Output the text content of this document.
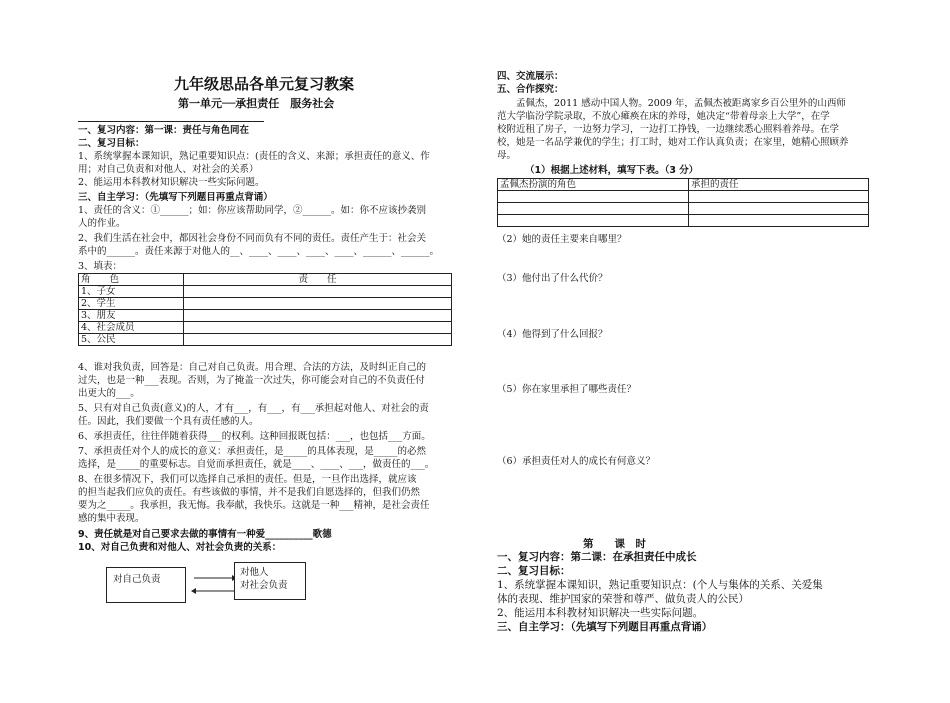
九年级思品各单元复习教案
第一单元──承担责任　服务社会
一、复习内容：第一课：责任与角色同在
二、复习目标：
1、系统掌握本课知识，熟记重要知识点：(责任的含义、来源；承担责任的意义、作
用；对自己负责和对他人、对社会的关系）
2、能运用本科教材知识解决一些实际问题。
三、自主学习：（先填写下列题目再重点背诵）
1、责任的含义：①______；如：你应该帮助同学，②______。如：你不应该抄袭别
人的作业。
2、我们生活在社会中，都因社会身份不同而负有不同的责任。责任产生于：社会关
系中的______。责任来源于对他人的__、____、____、____、____、______、______。
3、填表：
角　　色	责　　任
1、子女	
2、学生	
3、朋友	
4、社会成员	
5、公民	
4、谁对我负责，回答是：自己对自己负责。用合理、合法的方法，及时纠正自己的
过失，也是一种___表现。否则，为了掩盖一次过失，你可能会对自己的不负责任付
出更大的___。
5、只有对自己负责(意义)的人，才有___，有___，有___承担起对他人、对社会的责
任。因此，我们要做一个具有责任感的人。
6、承担责任，往往伴随着获得___的权利。这种回报既包括：___，也包括___方面。
7、承担责任对个人的成长的意义：承担责任，是_____的具体表现，是_____的必然
选择，是_____的重要标志。自觉而承担责任，就是____、____、___，做责任的___。
8、在很多情况下，我们可以选择自己承担的责任。但是，一旦作出选择，就应该
的担当起我们应负的责任。有些该做的事情，并不是我们自愿选择的，但我们仍然
要为之_____。我承担，我无悔。我奉献，我快乐。这就是一种___精神，是社会责任
感的集中表现。
9、责任就是对自己要求去做的事情有一种爱__________歌德
10、对自己负责和对他人、对社会负责的关系：
对自己负责
对他人
对社会负责
四、交流展示：
五、合作探究：
　　孟佩杰，2011 感动中国人物。2009 年，孟佩杰被距离家乡百公里外的山西师
范大学临汾学院录取，不放心瘫痪在床的养母，她决定“带着母亲上大学”，在学
校附近租了房子，一边努力学习，一边打工挣钱，一边继续悉心照料着养母。在学
校，她是一名品学兼优的学生；打工时，她对工作认真负责；在家里，她精心照顾养
母。
（1）根据上述材料，填写下表。（3 分）
孟佩杰扮演的角色	承担的责任

（2）她的责任主要来自哪里？
（3）他付出了什么代价？
（4）他得到了什么回报？
（5）你在家里承担了哪些责任？
（6）承担责任对人的成长有何意义？
第　　课　时
一、复习内容：第二课：在承担责任中成长
二、复习目标：
1、系统掌握本课知识，熟记重要知识点：(个人与集体的关系、关爱集
体的表现、维护国家的荣誉和尊严、做负责人的公民）
2、能运用本科教材知识解决一些实际问题。
三、自主学习：（先填写下列题目再重点背诵）
